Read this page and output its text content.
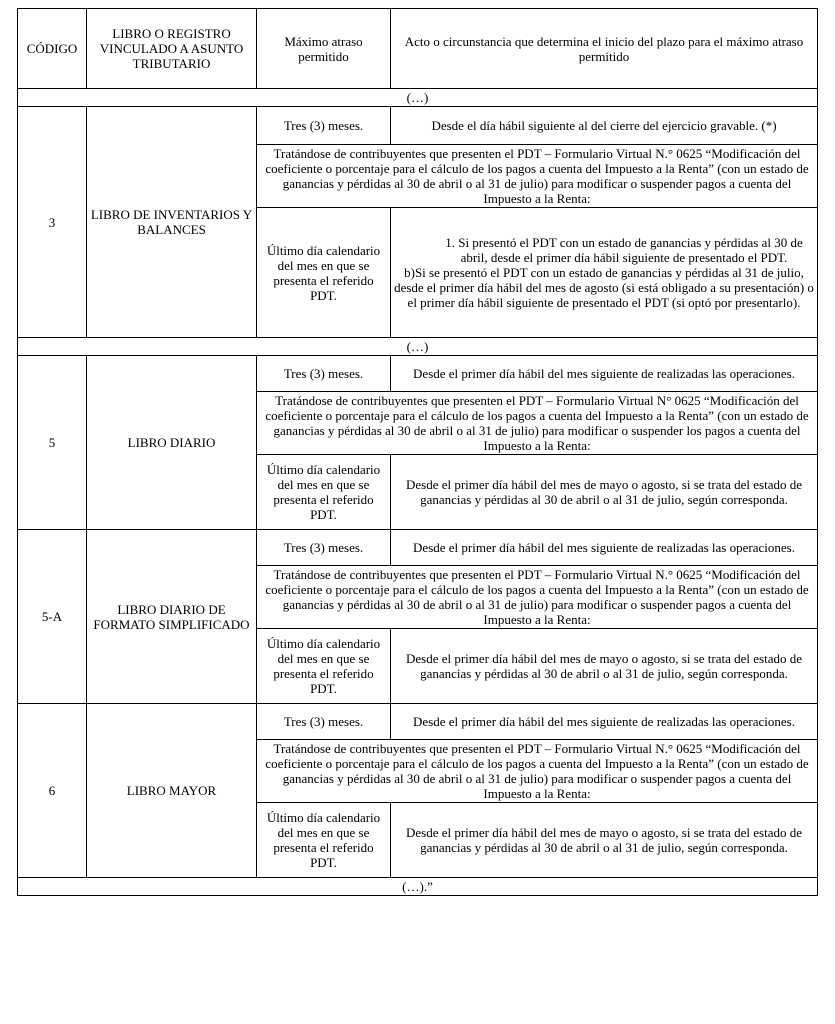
CÓDIGO	LIBRO O REGISTRO VINCULADO A ASUNTO TRIBUTARIO	Máximo atraso permitido	Acto o circunstancia que determina el inicio del plazo para el máximo atraso permitido
(…)			
3	LIBRO DE INVENTARIOS Y BALANCES	Tres (3) meses.	Desde el día hábil siguiente al del cierre del ejercicio gravable. (*)
		Tratándose de contribuyentes que presenten el PDT – Formulario Virtual N.° 0625 “Modificación del coeficiente o porcentaje para el cálculo de los pagos a cuenta del Impuesto a la Renta” (con un estado de ganancias y pérdidas al 30 de abril o al 31 de julio) para modificar o suspender pagos a cuenta del Impuesto a la Renta:	
		Último día calendario del mes en que se presenta el referido PDT.	1. Si presentó el PDT con un estado de ganancias y pérdidas al 30 de abril, desde el primer día hábil siguiente de presentado el PDT.
b)Si se presentó el PDT con un estado de ganancias y pérdidas al 31 de julio, desde el primer día hábil del mes de agosto (si está obligado a su presentación) o el primer día hábil siguiente de presentado el PDT (si optó por presentarlo).

(…)			
5	LIBRO DIARIO	Tres (3) meses.	Desde el primer día hábil del mes siguiente de realizadas las operaciones.
		Tratándose de contribuyentes que presenten el PDT – Formulario Virtual N° 0625 “Modificación del coeficiente o porcentaje para el cálculo de los pagos a cuenta del Impuesto a la Renta” (con un estado de ganancias y pérdidas al 30 de abril o al 31 de julio) para modificar o suspender los pagos a cuenta del Impuesto a la Renta:	
		Último día calendario del mes en que se presenta el referido PDT.	Desde el primer día hábil del mes de mayo o agosto, si se trata del estado de ganancias y pérdidas al 30 de abril o al 31 de julio, según corresponda.
5-A	LIBRO DIARIO DE FORMATO SIMPLIFICADO	Tres (3) meses.	Desde el primer día hábil del mes siguiente de realizadas las operaciones.
		Tratándose de contribuyentes que presenten el PDT – Formulario Virtual N.° 0625 “Modificación del coeficiente o porcentaje para el cálculo de los pagos a cuenta del Impuesto a la Renta” (con un estado de ganancias y pérdidas al 30 de abril o al 31 de julio) para modificar o suspender pagos a cuenta del Impuesto a la Renta:	
		Último día calendario del mes en que se presenta el referido PDT.	Desde el primer día hábil del mes de mayo o agosto, si se trata del estado de ganancias y pérdidas al 30 de abril o al 31 de julio, según corresponda.
6	LIBRO MAYOR	Tres (3) meses.	Desde el primer día hábil del mes siguiente de realizadas las operaciones.
		Tratándose de contribuyentes que presenten el PDT – Formulario Virtual N.° 0625 “Modificación del coeficiente o porcentaje para el cálculo de los pagos a cuenta del Impuesto a la Renta” (con un estado de ganancias y pérdidas al 30 de abril o al 31 de julio) para modificar o suspender pagos a cuenta del Impuesto a la Renta:	
		Último día calendario del mes en que se presenta el referido PDT.	Desde el primer día hábil del mes de mayo o agosto, si se trata del estado de ganancias y pérdidas al 30 de abril o al 31 de julio, según corresponda.
(…).”			
